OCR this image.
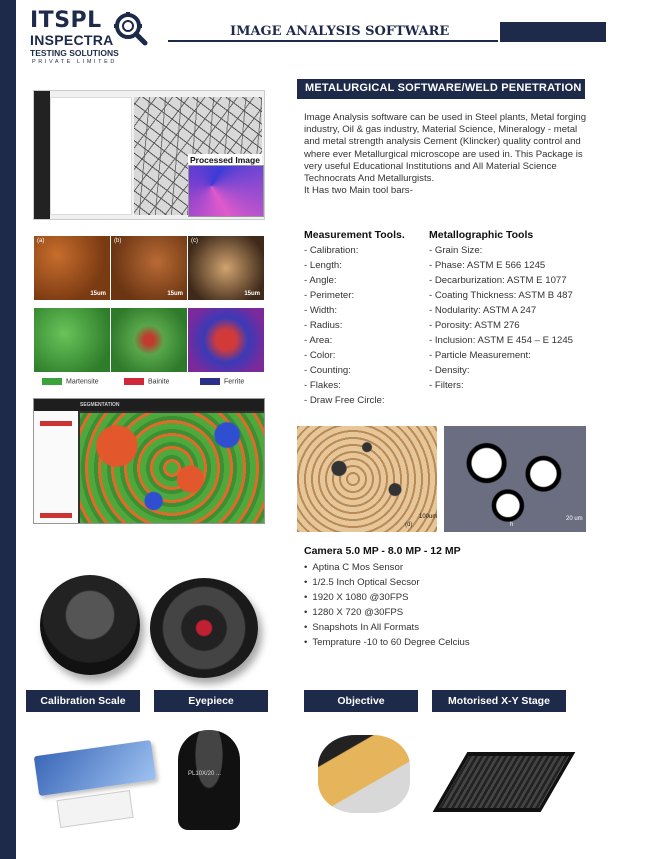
ITSPL
INSPECTRA
TESTING SOLUTIONS
PRIVATE LIMITED
IMAGE ANALYSIS SOFTWARE
METALURGICAL SOFTWARE/WELD PENETRATION
Image Analysis software can be used in Steel plants, Metal forging industry, Oil & gas industry, Material Science, Mineralogy - metal and metal strength analysis Cement (Klincker) quality control and where ever Metallurgical microscope are used in. This Package is very useful Educational Institutions and All Material Science Technocrats And Metallurgists.
It Has two Main tool bars-
Measurement Tools.
- Calibration:
- Length:
- Angle:
- Perimeter:
- Width:
- Radius:
- Area:
- Color:
- Counting:
- Flakes:
- Draw Free Circle:
Metallographic Tools
- Grain Size:
- Phase: ASTM E 566 1245
- Decarburization: ASTM E 1077
- Coating Thickness: ASTM B 487
- Nodularity: ASTM A 247
- Porosity: ASTM 276
- Inclusion: ASTM E 454 – E 1245
- Particle Measurement:
- Density:
- Filters:
Processed Image
(a)
15um
(b)
15um
(c)
15um
Martensite	Bainite	Ferrite
SEGMENTATION
(d)
100um
h
20 um
Camera 5.0 MP - 8.0 MP - 12 MP
• Aptina C Mos Sensor
• 1/2.5 Inch Optical Secsor
• 1920 X 1080 @30FPS
• 1280 X 720 @30FPS
• Snapshots In All Formats
• Temprature -10 to 60 Degree Celcius
Calibration Scale	Eyepiece	Objective	Motorised X-Y Stage
PL10X/20 ...
